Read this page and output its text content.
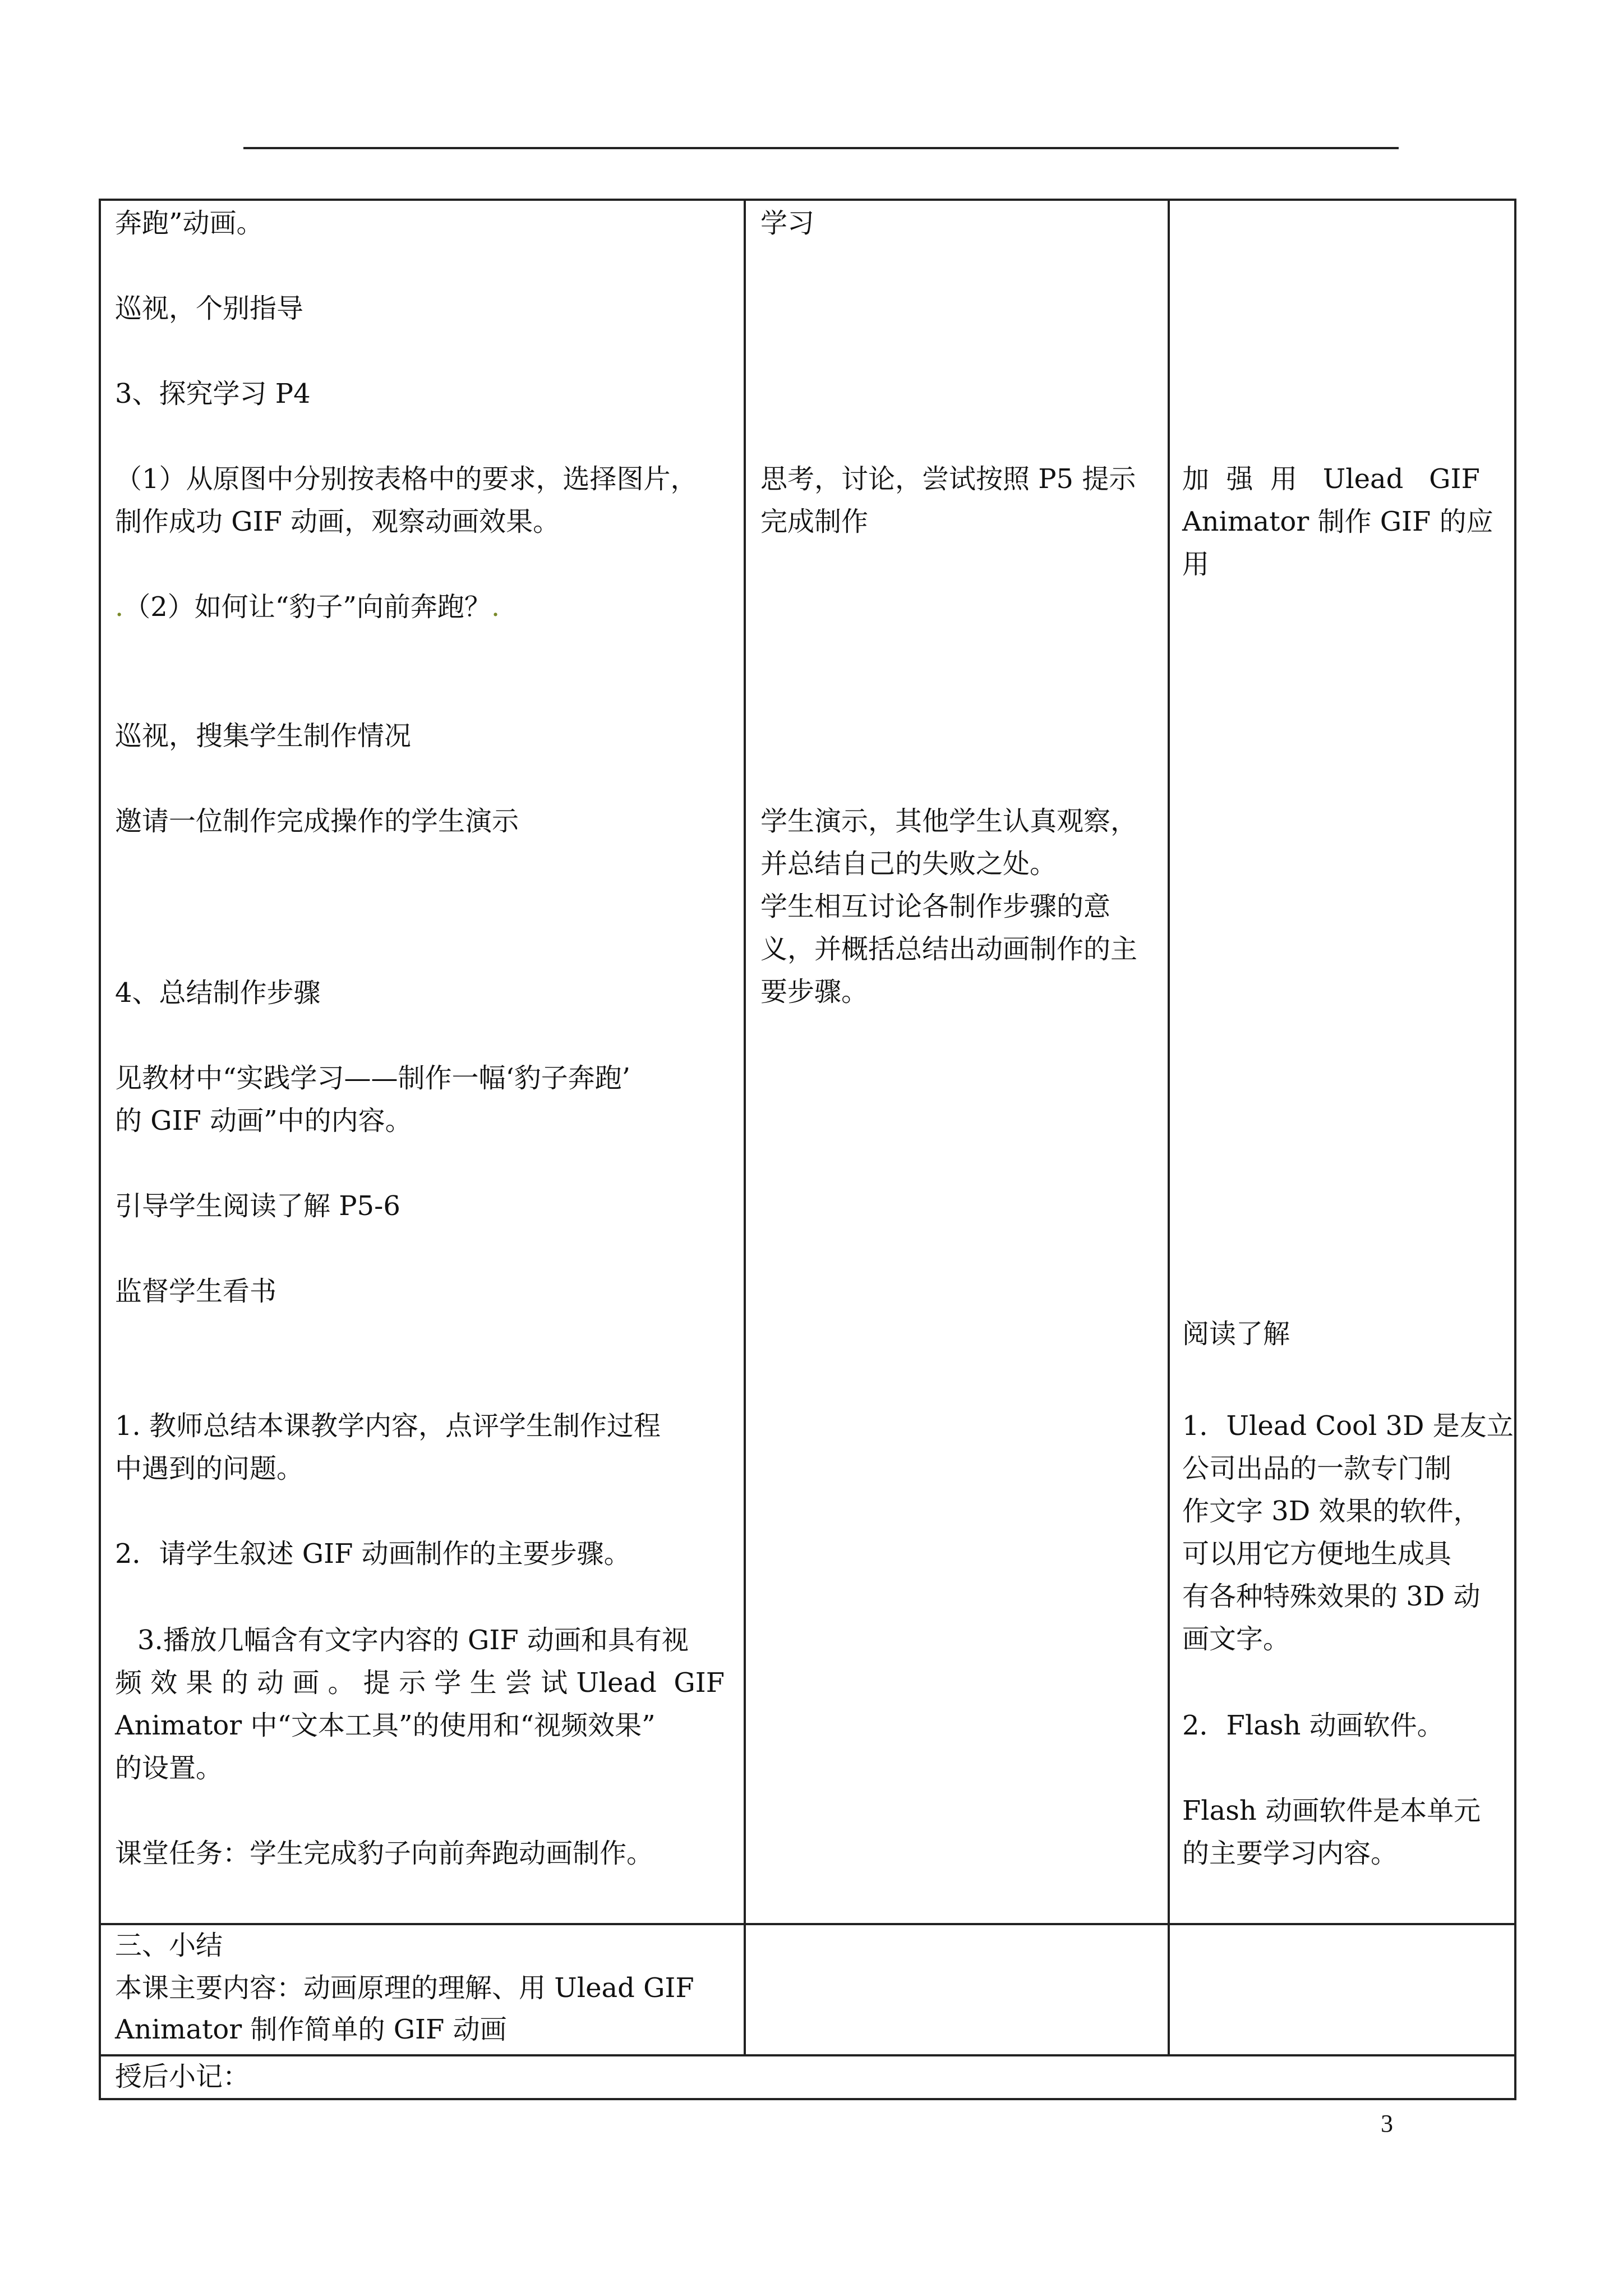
奔跑”动画。
巡视，个别指导
3、探究学习 P4
（1）从原图中分别按表格中的要求，选择图片，
制作成功 GIF 动画，观察动画效果。
.（2）如何让“豹子”向前奔跑？.
巡视，搜集学生制作情况
邀请一位制作完成操作的学生演示
4、总结制作步骤
见教材中“实践学习——制作一幅‘豹子奔跑’
的 GIF 动画”中的内容。
引导学生阅读了解 P5-6
监督学生看书
1. 教师总结本课教学内容，点评学生制作过程
中遇到的问题。
2．请学生叙述 GIF 动画制作的主要步骤。
3.播放几幅含有文字内容的 GIF 动画和具有视
频 效 果 的 动 画 。 提 示 学 生 尝 试 Ulead  GIF
Animator 中“文本工具”的使用和“视频效果”
的设置。
课堂任务：学生完成豹子向前奔跑动画制作。
学习
思考，讨论，尝试按照 P5 提示
完成制作
学生演示，其他学生认真观察，
并总结自己的失败之处。
学生相互讨论各制作步骤的意
义，并概括总结出动画制作的主
要步骤。
加  强  用   Ulead   GIF
Animator 制作 GIF 的应
用
阅读了解
1．Ulead Cool 3D 是友立
公司出品的一款专门制
作文字 3D 效果的软件，
可以用它方便地生成具
有各种特殊效果的 3D 动
画文字。
2．Flash 动画软件。
Flash 动画软件是本单元
的主要学习内容。
三、小结
本课主要内容：动画原理的理解、用 Ulead GIF
Animator 制作简单的 GIF 动画
授后小记：
3
